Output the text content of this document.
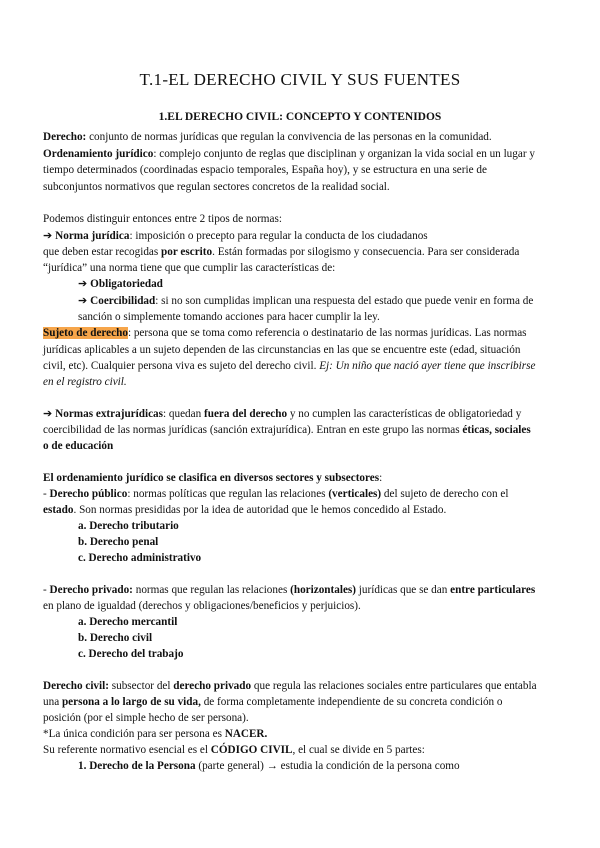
T.1-EL DERECHO CIVIL Y SUS FUENTES
1.EL DERECHO CIVIL: CONCEPTO Y CONTENIDOS
Derecho: conjunto de normas jurídicas que regulan la convivencia de las personas en la comunidad.
Ordenamiento jurídico: complejo conjunto de reglas que disciplinan y organizan la vida social en un lugar y
tiempo determinados (coordinadas espacio temporales, España hoy), y se estructura en una serie de
subconjuntos normativos que regulan sectores concretos de la realidad social.
Podemos distinguir entonces entre 2 tipos de normas:
➔ Norma jurídica: imposición o precepto para regular la conducta de los ciudadanos
que deben estar recogidas por escrito. Están formadas por silogismo y consecuencia. Para ser considerada
“jurídica” una norma tiene que que cumplir las características de:
➔ Obligatoriedad
➔ Coercibilidad: si no son cumplidas implican una respuesta del estado que puede venir en forma de
sanción o simplemente tomando acciones para hacer cumplir la ley.
Sujeto de derecho: persona que se toma como referencia o destinatario de las normas jurídicas. Las normas
jurídicas aplicables a un sujeto dependen de las circunstancias en las que se encuentre este (edad, situación
civil, etc). Cualquier persona viva es sujeto del derecho civil. Ej: Un niño que nació ayer tiene que inscribirse
en el registro civil.
➔ Normas extrajurídicas: quedan fuera del derecho y no cumplen las características de obligatoriedad y
coercibilidad de las normas jurídicas (sanción extrajurídica). Entran en este grupo las normas éticas, sociales
o de educación
El ordenamiento jurídico se clasifica en diversos sectores y subsectores:
- Derecho público: normas políticas que regulan las relaciones (verticales) del sujeto de derecho con el
estado. Son normas presididas por la idea de autoridad que le hemos concedido al Estado.
a. Derecho tributario
b. Derecho penal
c. Derecho administrativo
- Derecho privado: normas que regulan las relaciones (horizontales) jurídicas que se dan entre particulares
en plano de igualdad (derechos y obligaciones/beneficios y perjuicios).
a. Derecho mercantil
b. Derecho civil
c. Derecho del trabajo
Derecho civil: subsector del derecho privado que regula las relaciones sociales entre particulares que entabla
una persona a lo largo de su vida, de forma completamente independiente de su concreta condición o
posición (por el simple hecho de ser persona).
*La única condición para ser persona es NACER.
Su referente normativo esencial es el CÓDIGO CIVIL, el cual se divide en 5 partes:
1. Derecho de la Persona (parte general) → estudia la condición de la persona como
